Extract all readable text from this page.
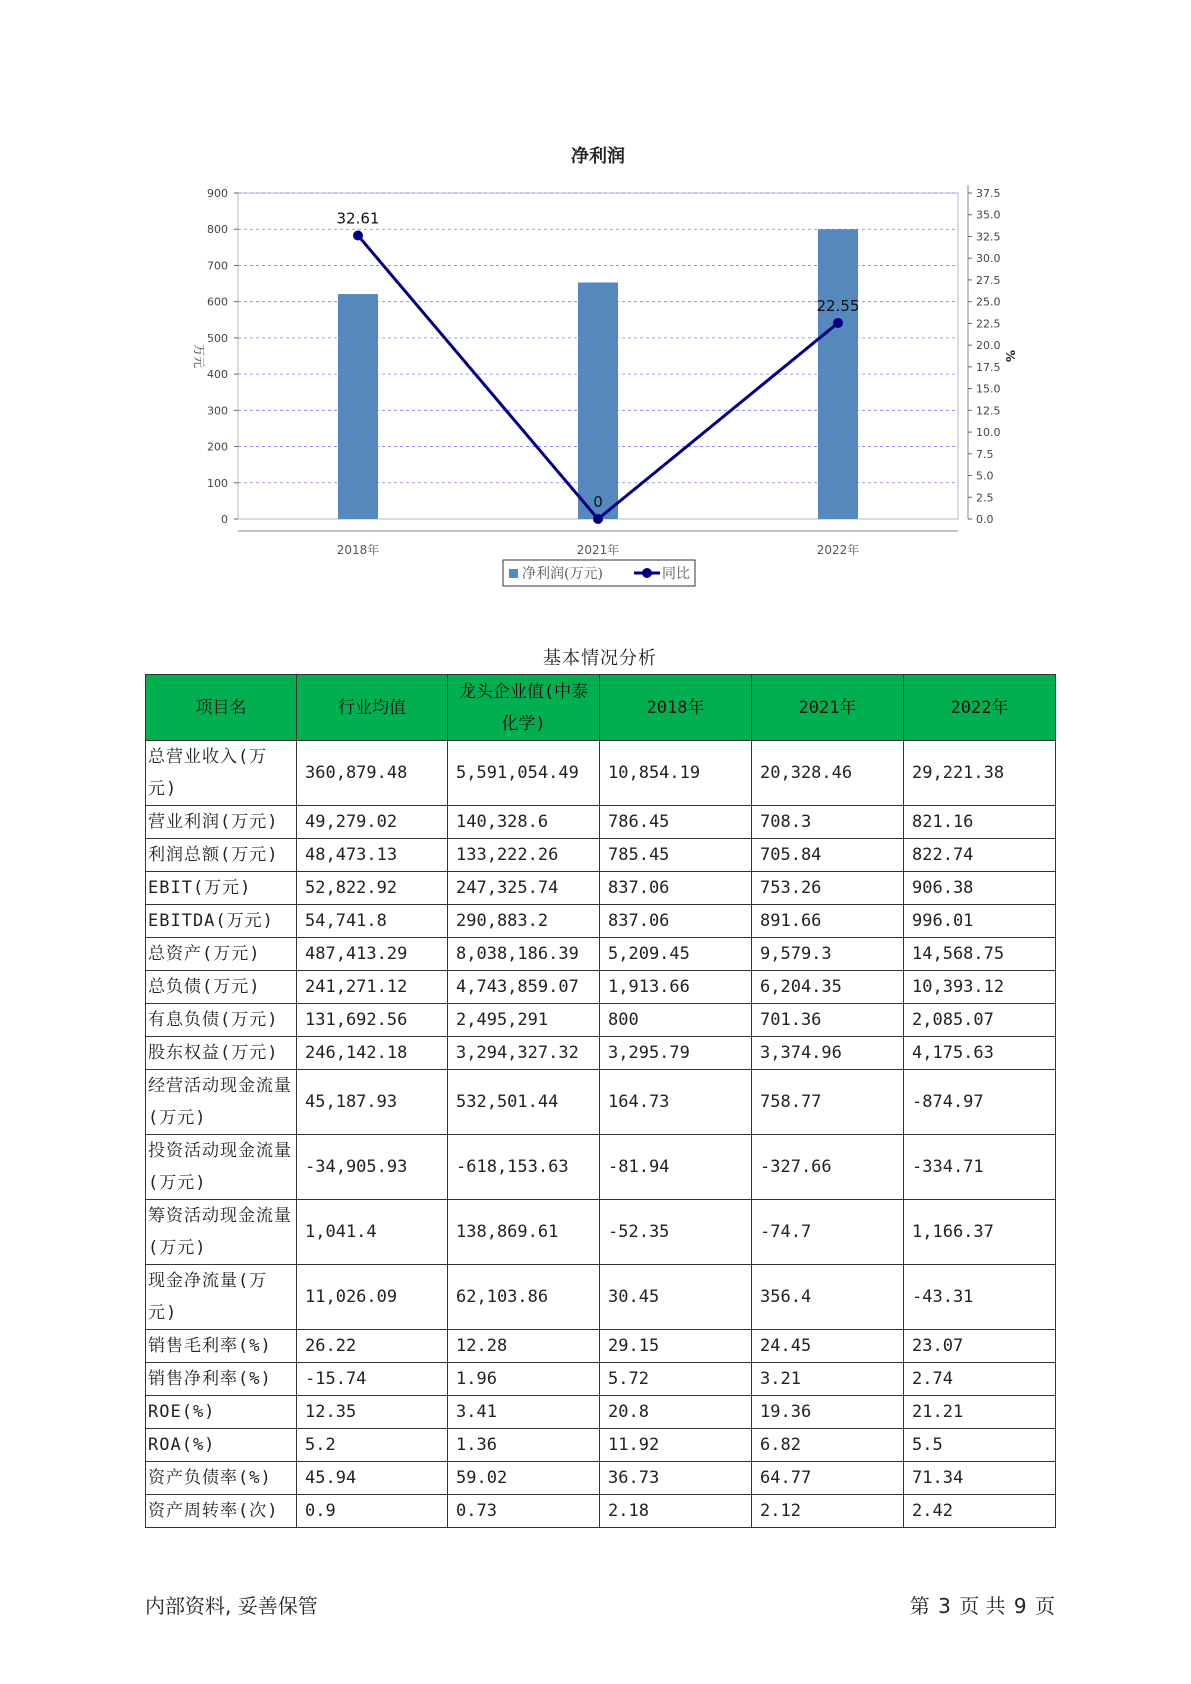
净利润
0
100
200
300
400
500
600
700
800
900
0.0
2.5
5.0
7.5
10.0
12.5
15.0
17.5
20.0
22.5
25.0
27.5
30.0
32.5
35.0
37.5
万元	%
2018年	2021年	2022年
32.61
0
22.55
净利润(万元)	同比
基本情况分析
项目名	行业均值	龙头企业值(中泰化学)	2018年	2021年	2022年
总营业收入(万元)	360,879.48	5,591,054.49	10,854.19	20,328.46	29,221.38
营业利润(万元)	49,279.02	140,328.6	786.45	708.3	821.16
利润总额(万元)	48,473.13	133,222.26	785.45	705.84	822.74
EBIT(万元)	52,822.92	247,325.74	837.06	753.26	906.38
EBITDA(万元)	54,741.8	290,883.2	837.06	891.66	996.01
总资产(万元)	487,413.29	8,038,186.39	5,209.45	9,579.3	14,568.75
总负债(万元)	241,271.12	4,743,859.07	1,913.66	6,204.35	10,393.12
有息负债(万元)	131,692.56	2,495,291	800	701.36	2,085.07
股东权益(万元)	246,142.18	3,294,327.32	3,295.79	3,374.96	4,175.63
经营活动现金流量(万元)	45,187.93	532,501.44	164.73	758.77	-874.97
投资活动现金流量(万元)	-34,905.93	-618,153.63	-81.94	-327.66	-334.71
筹资活动现金流量(万元)	1,041.4	138,869.61	-52.35	-74.7	1,166.37
现金净流量(万元)	11,026.09	62,103.86	30.45	356.4	-43.31
销售毛利率(%)	26.22	12.28	29.15	24.45	23.07
销售净利率(%)	-15.74	1.96	5.72	3.21	2.74
ROE(%)	12.35	3.41	20.8	19.36	21.21
ROA(%)	5.2	1.36	11.92	6.82	5.5
资产负债率(%)	45.94	59.02	36.73	64.77	71.34
资产周转率(次)	0.9	0.73	2.18	2.12	2.42
内部资料, 妥善保管	第 3 页 共 9 页
